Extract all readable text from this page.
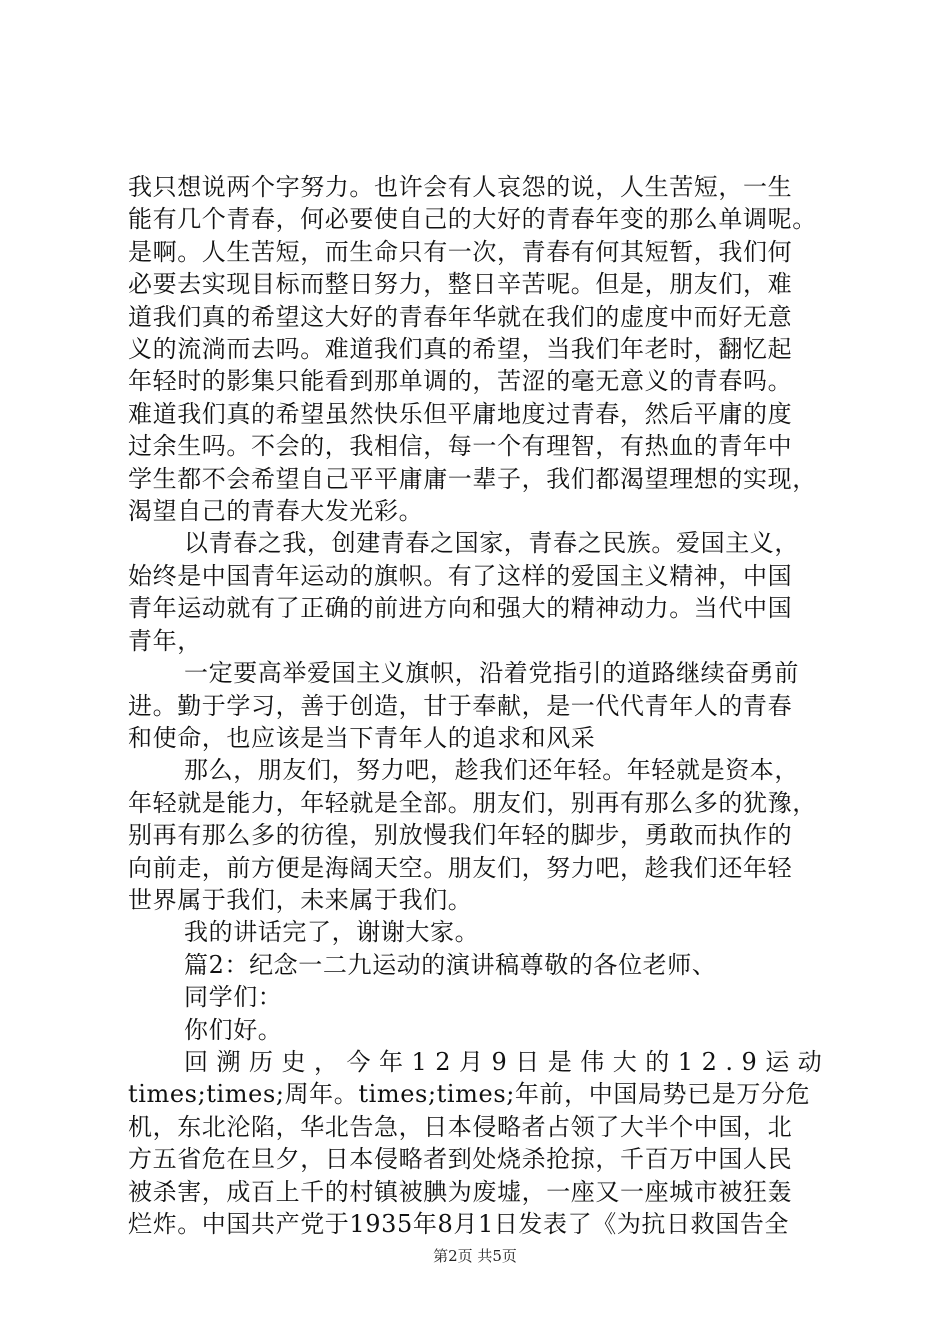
我只想说两个字努力。也许会有人哀怨的说，人生苦短，一生
能有几个青春，何必要使自己的大好的青春年变的那么单调呢。
是啊。人生苦短，而生命只有一次，青春有何其短暂，我们何
必要去实现目标而整日努力，整日辛苦呢。但是，朋友们，难
道我们真的希望这大好的青春年华就在我们的虚度中而好无意
义的流淌而去吗。难道我们真的希望，当我们年老时，翻忆起
年轻时的影集只能看到那单调的，苦涩的毫无意义的青春吗。
难道我们真的希望虽然快乐但平庸地度过青春，然后平庸的度
过余生吗。不会的，我相信，每一个有理智，有热血的青年中
学生都不会希望自己平平庸庸一辈子，我们都渴望理想的实现，
渴望自己的青春大发光彩。
以青春之我，创建青春之国家，青春之民族。爱国主义，
始终是中国青年运动的旗帜。有了这样的爱国主义精神，中国
青年运动就有了正确的前进方向和强大的精神动力。当代中国
青年，
一定要高举爱国主义旗帜，沿着党指引的道路继续奋勇前
进。勤于学习，善于创造，甘于奉献，是一代代青年人的青春
和使命，也应该是当下青年人的追求和风采
那么，朋友们，努力吧，趁我们还年轻。年轻就是资本，
年轻就是能力，年轻就是全部。朋友们，别再有那么多的犹豫，
别再有那么多的彷徨，别放慢我们年轻的脚步，勇敢而执作的
向前走，前方便是海阔天空。朋友们，努力吧，趁我们还年轻
世界属于我们，未来属于我们。
我的讲话完了，谢谢大家。
篇2：纪念一二九运动的演讲稿尊敬的各位老师、
同学们：
你们好。
回溯历史，今年12月9日是伟大的12.9运动
times;times;周年。times;times;年前，中国局势已是万分危
机，东北沦陷，华北告急，日本侵略者占领了大半个中国，北
方五省危在旦夕，日本侵略者到处烧杀抢掠，千百万中国人民
被杀害，成百上千的村镇被腆为废墟，一座又一座城市被狂轰
烂炸。中国共产党于1935年8月1日发表了《为抗日救国告全
第2页 共5页
